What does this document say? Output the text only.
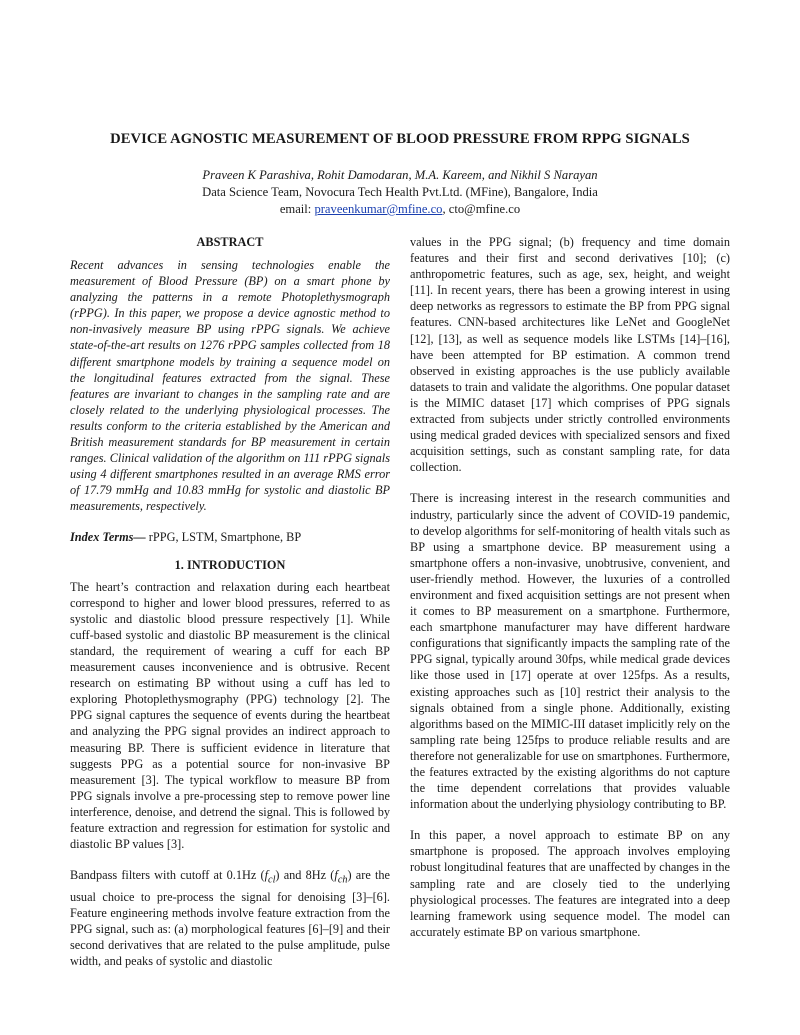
DEVICE AGNOSTIC MEASUREMENT OF BLOOD PRESSURE FROM RPPG SIGNALS
Praveen K Parashiva, Rohit Damodaran, M.A. Kareem, and Nikhil S Narayan
Data Science Team, Novocura Tech Health Pvt.Ltd. (MFine), Bangalore, India
email: praveenkumar@mfine.co, cto@mfine.co
ABSTRACT

Recent advances in sensing technologies enable the measurement of Blood Pressure (BP) on a smart phone by analyzing the patterns in a remote Photoplethysmograph (rPPG). In this paper, we propose a device agnostic method to non-invasively measure BP using rPPG signals. We achieve state-of-the-art results on 1276 rPPG samples collected from 18 different smartphone models by training a sequence model on the longitudinal features extracted from the signal. These features are invariant to changes in the sampling rate and are closely related to the underlying physiological processes. The results conform to the criteria established by the American and British measurement standards for BP measurement in certain ranges. Clinical validation of the algorithm on 111 rPPG signals using 4 different smartphones resulted in an average RMS error of 17.79 mmHg and 10.83 mmHg for systolic and diastolic BP measurements, respectively.

Index Terms— rPPG, LSTM, Smartphone, BP

1. INTRODUCTION

The heart’s contraction and relaxation during each heartbeat correspond to higher and lower blood pressures, referred to as systolic and diastolic blood pressure respectively [1]. While cuff-based systolic and diastolic BP measurement is the clinical standard, the requirement of wearing a cuff for each BP measurement causes inconvenience and is obtrusive. Recent research on estimating BP without using a cuff has led to exploring Photoplethysmography (PPG) technology [2]. The PPG signal captures the sequence of events during the heartbeat and analyzing the PPG signal provides an indirect approach to measuring BP. There is sufficient evidence in literature that suggests PPG as a potential source for non-invasive BP measurement [3]. The typical workflow to measure BP from PPG signals involve a pre-processing step to remove power line interference, denoise, and detrend the signal. This is followed by feature extraction and regression for estimation for systolic and diastolic BP values [3].

Bandpass filters with cutoff at 0.1Hz $(f_{cl})$ and 8Hz $(f_{ch})$ are the usual choice to pre-process the signal for denoising [3]–[6]. Feature engineering methods involve feature extraction from the PPG signal, such as: (a) morphological features [6]–[9] and their second derivatives that are related to the pulse amplitude, pulse width, and peaks of systolic and diastolic

values in the PPG signal; (b) frequency and time domain features and their first and second derivatives [10]; (c) anthropometric features, such as age, sex, height, and weight [11]. In recent years, there has been a growing interest in using deep networks as regressors to estimate the BP from PPG signal features. CNN-based architectures like LeNet and GoogleNet [12], [13], as well as sequence models like LSTMs [14]–[16], have been attempted for BP estimation. A common trend observed in existing approaches is the use publicly available datasets to train and validate the algorithms. One popular dataset is the MIMIC dataset [17] which comprises of PPG signals extracted from subjects under strictly controlled environments using medical graded devices with specialized sensors and fixed acquisition settings, such as constant sampling rate, for data collection.

There is increasing interest in the research communities and industry, particularly since the advent of COVID-19 pandemic, to develop algorithms for self-monitoring of health vitals such as BP using a smartphone device. BP measurement using a smartphone offers a non-invasive, unobtrusive, convenient, and user-friendly method. However, the luxuries of a controlled environment and fixed acquisition settings are not present when it comes to BP measurement on a smartphone. Furthermore, each smartphone manufacturer may have different hardware configurations that significantly impacts the sampling rate of the PPG signal, typically around 30fps, while medical grade devices like those used in [17] operate at over 125fps. As a results, existing approaches such as [10] restrict their analysis to the signals obtained from a single phone. Additionally, existing algorithms based on the MIMIC-III dataset implicitly rely on the sampling rate being 125fps to produce reliable results and are therefore not generalizable for use on smartphones. Furthermore, the features extracted by the existing algorithms do not capture the time dependent correlations that provides valuable information about the underlying physiology contributing to BP.

In this paper, a novel approach to estimate BP on any smartphone is proposed. The approach involves employing robust longitudinal features that are unaffected by changes in the sampling rate and are closely tied to the underlying physiological processes. The features are integrated into a deep learning framework using sequence model. The model can accurately estimate BP on various smartphone.
